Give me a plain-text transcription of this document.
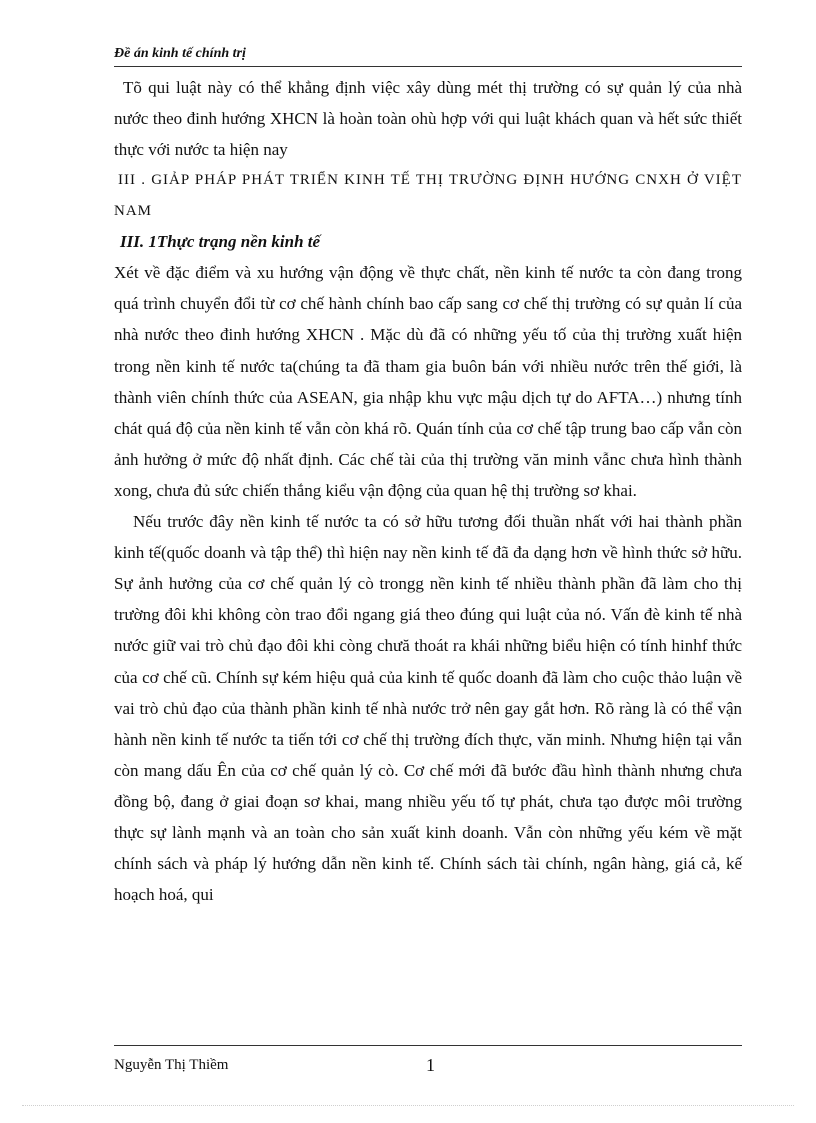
Đề án kinh tế chính trị

Tõ qui luật này có thể khẳng định việc xây dùng mét thị trường có sự quản lý của nhà nước theo đinh hướng XHCN là hoàn toàn ohù hợp với qui luật khách quan và hết sức thiết thực với nước ta hiện nay

III . GIẢP PHÁP PHÁT TRIỂN KINH TẾ THỊ TRƯỜNG ĐỊNH HƯỚNG CNXH Ở VIỆT NAM

III. 1Thực trạng nền kinh tế

Xét về đặc điểm và xu hướng vận động về thực chất, nền kinh tế nước ta còn đang trong quá trình chuyển đổi từ cơ chế hành chính bao cấp sang cơ chế thị trường có sự quản lí của nhà nước theo đinh hướng XHCN . Mặc dù đã có những yếu tố của thị trường xuất hiện trong nền kinh tế nước ta(chúng ta đã tham gia buôn bán với nhiều nước trên thế giới, là thành viên chính thức của ASEAN, gia nhập khu vực mậu dịch tự do AFTA…) nhưng tính chát quá độ của nền kinh tế vẫn còn khá rõ. Quán tính của cơ chế tập trung bao cấp vẫn còn ảnh hưởng ở mức độ nhất định. Các chế tài của thị trường văn minh vẫnc chưa hình thành xong, chưa đủ sức chiến thắng kiểu vận động của quan hệ thị trường sơ khai.

Nếu trước đây nền kinh tế nước ta có sở hữu tương đối thuần nhất với hai thành phần kinh tế(quốc doanh và tập thể) thì hiện nay nền kinh tế đã đa dạng hơn về hình thức sở hữu. Sự ảnh hưởng của cơ chế quản lý cò trongg nền kinh tế nhiều thành phần đã làm cho thị trường đôi khi không còn trao đổi ngang giá theo đúng qui luật của nó. Vấn đè kinh tế nhà nước giữ vai trò chủ đạo đôi khi còng chưă thoát ra khái những biểu hiện có tính hinhf thức của cơ chế cũ. Chính sự kém hiệu quả của kinh tế quốc doanh đã làm cho cuộc thảo luận về vai trò chủ đạo của thành phần kinh tế nhà nước trở nên gay gắt hơn. Rõ ràng là có thể vận hành nền kinh tế nước ta tiến tới cơ chế thị trường đích thực, văn minh. Nhưng hiện tại vẫn còn mang dấu Ên của cơ chế quản lý cò. Cơ chế mới đã bước đầu hình thành nhưng chưa đồng bộ, đang ở giai đoạn sơ khai, mang nhiều yếu tố tự phát, chưa tạo được môi trường thực sự lành mạnh và an toàn cho sản xuất kinh doanh. Vẫn còn những yếu kém về mặt chính sách và pháp lý hướng dẫn nền kinh tế. Chính sách tài chính, ngân hàng, giá cả, kế hoạch hoá, qui

Nguyễn Thị Thiềm	1
